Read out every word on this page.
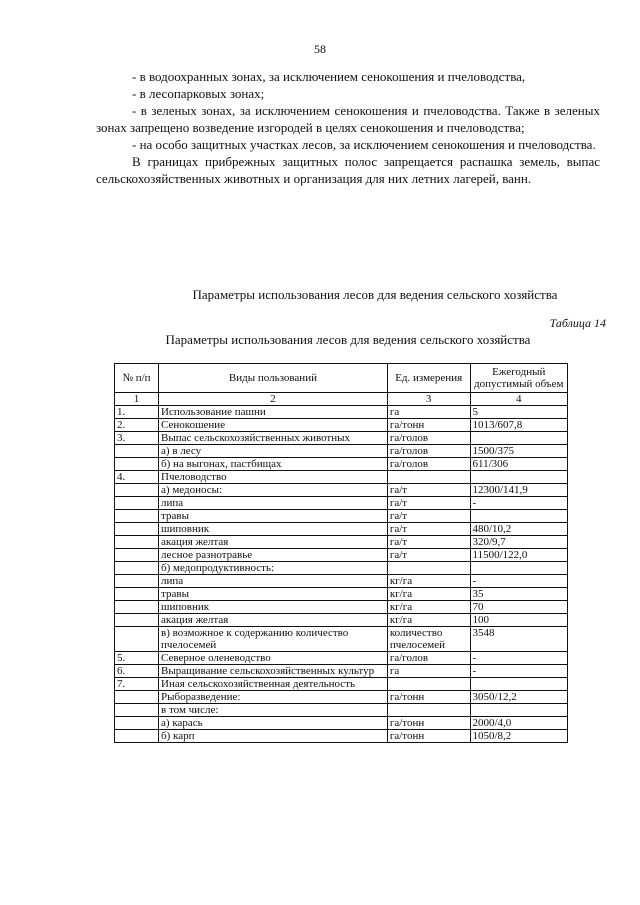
58

- в водоохранных зонах, за исключением сенокошения и пчеловодства,

- в лесопарковых зонах;

- в зеленых зонах, за исключением сенокошения и пчеловодства. Также в зеленых зонах запрещено возведение изгородей в целях сенокошения и пчеловодства;

- на особо защитных участках лесов, за исключением сенокошения и пчеловодства.

В границах прибрежных защитных полос запрещается распашка земель, выпас сельскохозяйственных животных и организация для них летних лагерей, ванн.

Параметры использования лесов для ведения сельского хозяйства
Таблица 14
Параметры использования лесов для ведения сельского хозяйства
№ п/п	Виды пользований	Ед. измерения	Ежегодный допустимый объем
1	2	3	4
1.	Использование пашни	га	5
2.	Сенокошение	га/тонн	1013/607,8
3.	Выпас сельскохозяйственных животных	га/голов	
	а) в лесу	га/голов	1500/375
	б) на выгонах, пастбищах	га/голов	611/306
4.	Пчеловодство		
	а) медоносы:	га/т	12300/141,9
	липа	га/т	-
	травы	га/т	
	шиповник	га/т	480/10,2
	акация желтая	га/т	320/9,7
	лесное разнотравье	га/т	11500/122,0
	б) медопродуктивность:		
	липа	кг/га	-
	травы	кг/га	35
	шиповник	кг/га	70
	акация желтая	кг/га	100
	в) возможное к содержанию количество пчелосемей	количество пчелосемей	3548
5.	Северное оленеводство	га/голов	-
6.	Выращивание сельскохозяйственных культур	га	-
7.	Иная сельскохозяйственная деятельность		
	Рыборазведение:	га/тонн	3050/12,2
	в том числе:		
	а) карась	га/тонн	2000/4,0
	б) карп	га/тонн	1050/8,2
